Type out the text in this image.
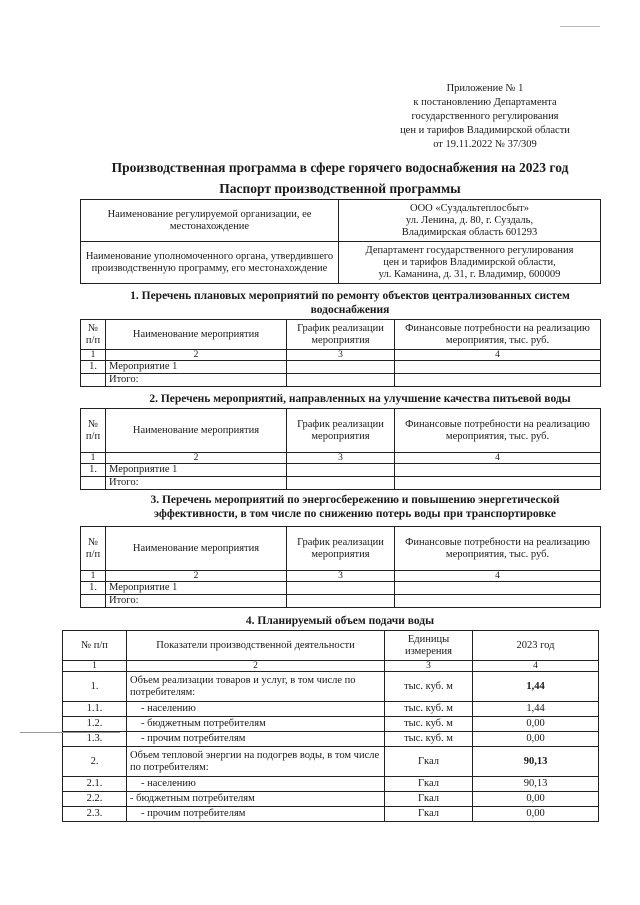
Приложение № 1
к постановлению Департамента
государственного регулирования
цен и тарифов Владимирской области
от 19.11.2022 № 37/309
Производственная программа в сфере горячего водоснабжения на 2023 год
Паспорт производственной программы
Наименование регулируемой организации, ее местонахождение	ООО «Суздальтеплосбыт»
ул. Ленина, д. 80, г. Суздаль,
Владимирская область 601293

Наименование уполномоченного органа, утвердившего производственную программу, его местонахождение	Департамент государственного регулирования
цен и тарифов Владимирской области,
ул. Каманина, д. 31, г. Владимир, 600009
1. Перечень плановых мероприятий по ремонту объектов централизованных систем водоснабжения
№ п/п	Наименование мероприятия	График реализации мероприятия	Финансовые потребности на реализацию мероприятия, тыс. руб.
1	2	3	4
1.	Мероприятие 1		
	Итого:		
2. Перечень мероприятий, направленных на улучшение качества питьевой воды
№ п/п	Наименование мероприятия	График реализации мероприятия	Финансовые потребности на реализацию мероприятия, тыс. руб.
1	2	3	4
1.	Мероприятие 1		
	Итого:		
3. Перечень мероприятий по энергосбережению и повышению энергетической эффективности, в том числе по снижению потерь воды при транспортировке
№ п/п	Наименование мероприятия	График реализации мероприятия	Финансовые потребности на реализацию мероприятия, тыс. руб.
1	2	3	4
1.	Мероприятие 1		
	Итого:		
4. Планируемый объем подачи воды
№ п/п	Показатели производственной деятельности	Единицы измерения	2023 год
1	2	3	4
1.	Объем реализации товаров и услуг, в том числе по потребителям:	тыс. куб. м	1,44
1.1.	- населению	тыс. куб. м	1,44
1.2.	- бюджетным потребителям	тыс. куб. м	0,00
1.3.	- прочим потребителям	тыс. куб. м	0,00
2.	Объем тепловой энергии на подогрев воды, в том числе по потребителям:	Гкал	90,13
2.1.	- населению	Гкал	90,13
2.2.	- бюджетным потребителям	Гкал	0,00
2.3.	- прочим потребителям	Гкал	0,00
